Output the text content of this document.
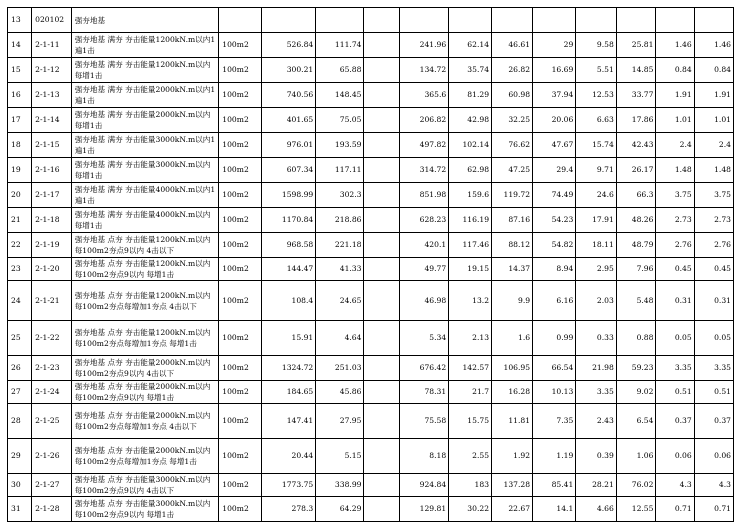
13	020102	强夯地基												
14	2-1-11	强夯地基 满夯 夯击能量1200kN.m以内1遍1击	100m2	526.84	111.74		241.96	62.14	46.61	29	9.58	25.81	1.46	1.46
15	2-1-12	强夯地基 满夯 夯击能量1200kN.m以内每增1击	100m2	300.21	65.88		134.72	35.74	26.82	16.69	5.51	14.85	0.84	0.84
16	2-1-13	强夯地基 满夯 夯击能量2000kN.m以内1遍1击	100m2	740.56	148.45		365.6	81.29	60.98	37.94	12.53	33.77	1.91	1.91
17	2-1-14	强夯地基 满夯 夯击能量2000kN.m以内每增1击	100m2	401.65	75.05		206.82	42.98	32.25	20.06	6.63	17.86	1.01	1.01
18	2-1-15	强夯地基 满夯 夯击能量3000kN.m以内1遍1击	100m2	976.01	193.59		497.82	102.14	76.62	47.67	15.74	42.43	2.4	2.4
19	2-1-16	强夯地基 满夯 夯击能量3000kN.m以内每增1击	100m2	607.34	117.11		314.72	62.98	47.25	29.4	9.71	26.17	1.48	1.48
20	2-1-17	强夯地基 满夯 夯击能量4000kN.m以内1遍1击	100m2	1598.99	302.3		851.98	159.6	119.72	74.49	24.6	66.3	3.75	3.75
21	2-1-18	强夯地基 满夯 夯击能量4000kN.m以内每增1击	100m2	1170.84	218.86		628.23	116.19	87.16	54.23	17.91	48.26	2.73	2.73
22	2-1-19	强夯地基 点夯 夯击能量1200kN.m以内每100m2夯点9以内 4击以下	100m2	968.58	221.18		420.1	117.46	88.12	54.82	18.11	48.79	2.76	2.76
23	2-1-20	强夯地基 点夯 夯击能量1200kN.m以内每100m2夯点9以内 每增1击	100m2	144.47	41.33		49.77	19.15	14.37	8.94	2.95	7.96	0.45	0.45
24	2-1-21	强夯地基 点夯 夯击能量1200kN.m以内每100m2夯点每增加1夯点 4击以下	100m2	108.4	24.65		46.98	13.2	9.9	6.16	2.03	5.48	0.31	0.31
25	2-1-22	强夯地基 点夯 夯击能量1200kN.m以内每100m2夯点每增加1夯点 每增1击	100m2	15.91	4.64		5.34	2.13	1.6	0.99	0.33	0.88	0.05	0.05
26	2-1-23	强夯地基 点夯 夯击能量2000kN.m以内每100m2夯点9以内 4击以下	100m2	1324.72	251.03		676.42	142.57	106.95	66.54	21.98	59.23	3.35	3.35
27	2-1-24	强夯地基 点夯 夯击能量2000kN.m以内每100m2夯点9以内 每增1击	100m2	184.65	45.86		78.31	21.7	16.28	10.13	3.35	9.02	0.51	0.51
28	2-1-25	强夯地基 点夯 夯击能量2000kN.m以内每100m2夯点每增加1夯点 4击以下	100m2	147.41	27.95		75.58	15.75	11.81	7.35	2.43	6.54	0.37	0.37
29	2-1-26	强夯地基 点夯 夯击能量2000kN.m以内每100m2夯点每增加1夯点 每增1击	100m2	20.44	5.15		8.18	2.55	1.92	1.19	0.39	1.06	0.06	0.06
30	2-1-27	强夯地基 点夯 夯击能量3000kN.m以内每100m2夯点9以内 4击以下	100m2	1773.75	338.99		924.84	183	137.28	85.41	28.21	76.02	4.3	4.3
31	2-1-28	强夯地基 点夯 夯击能量3000kN.m以内每100m2夯点9以内 每增1击	100m2	278.3	64.29		129.81	30.22	22.67	14.1	4.66	12.55	0.71	0.71
